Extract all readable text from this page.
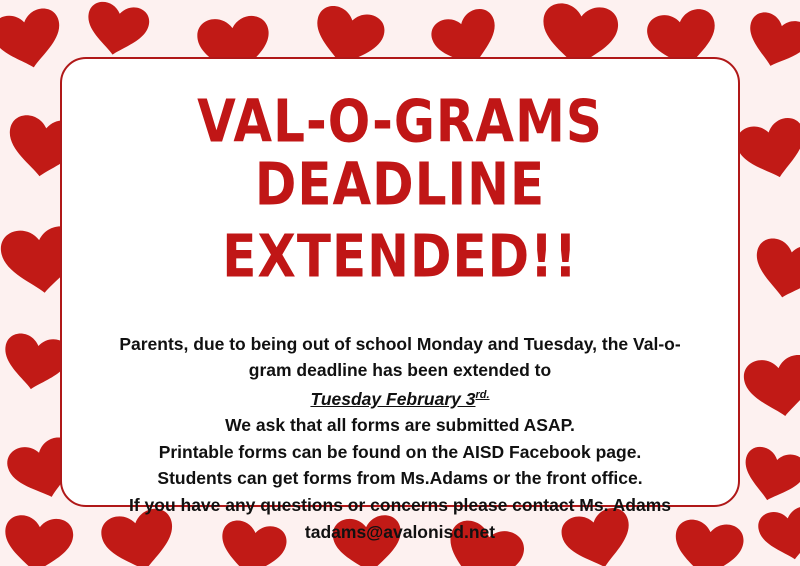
VAL-O-GRAMS DEADLINE
EXTENDED!!
Parents, due to being out of school Monday and Tuesday, the Val-o-gram deadline has been extended to
Tuesday February $3^{rd.}$
We ask that all forms are submitted ASAP.
Printable forms can be found on the AISD Facebook page.
Students can get forms from Ms.Adams or the front office.
If you have any questions or concerns please contact Ms. Adams
tadams@avalonisd.net
